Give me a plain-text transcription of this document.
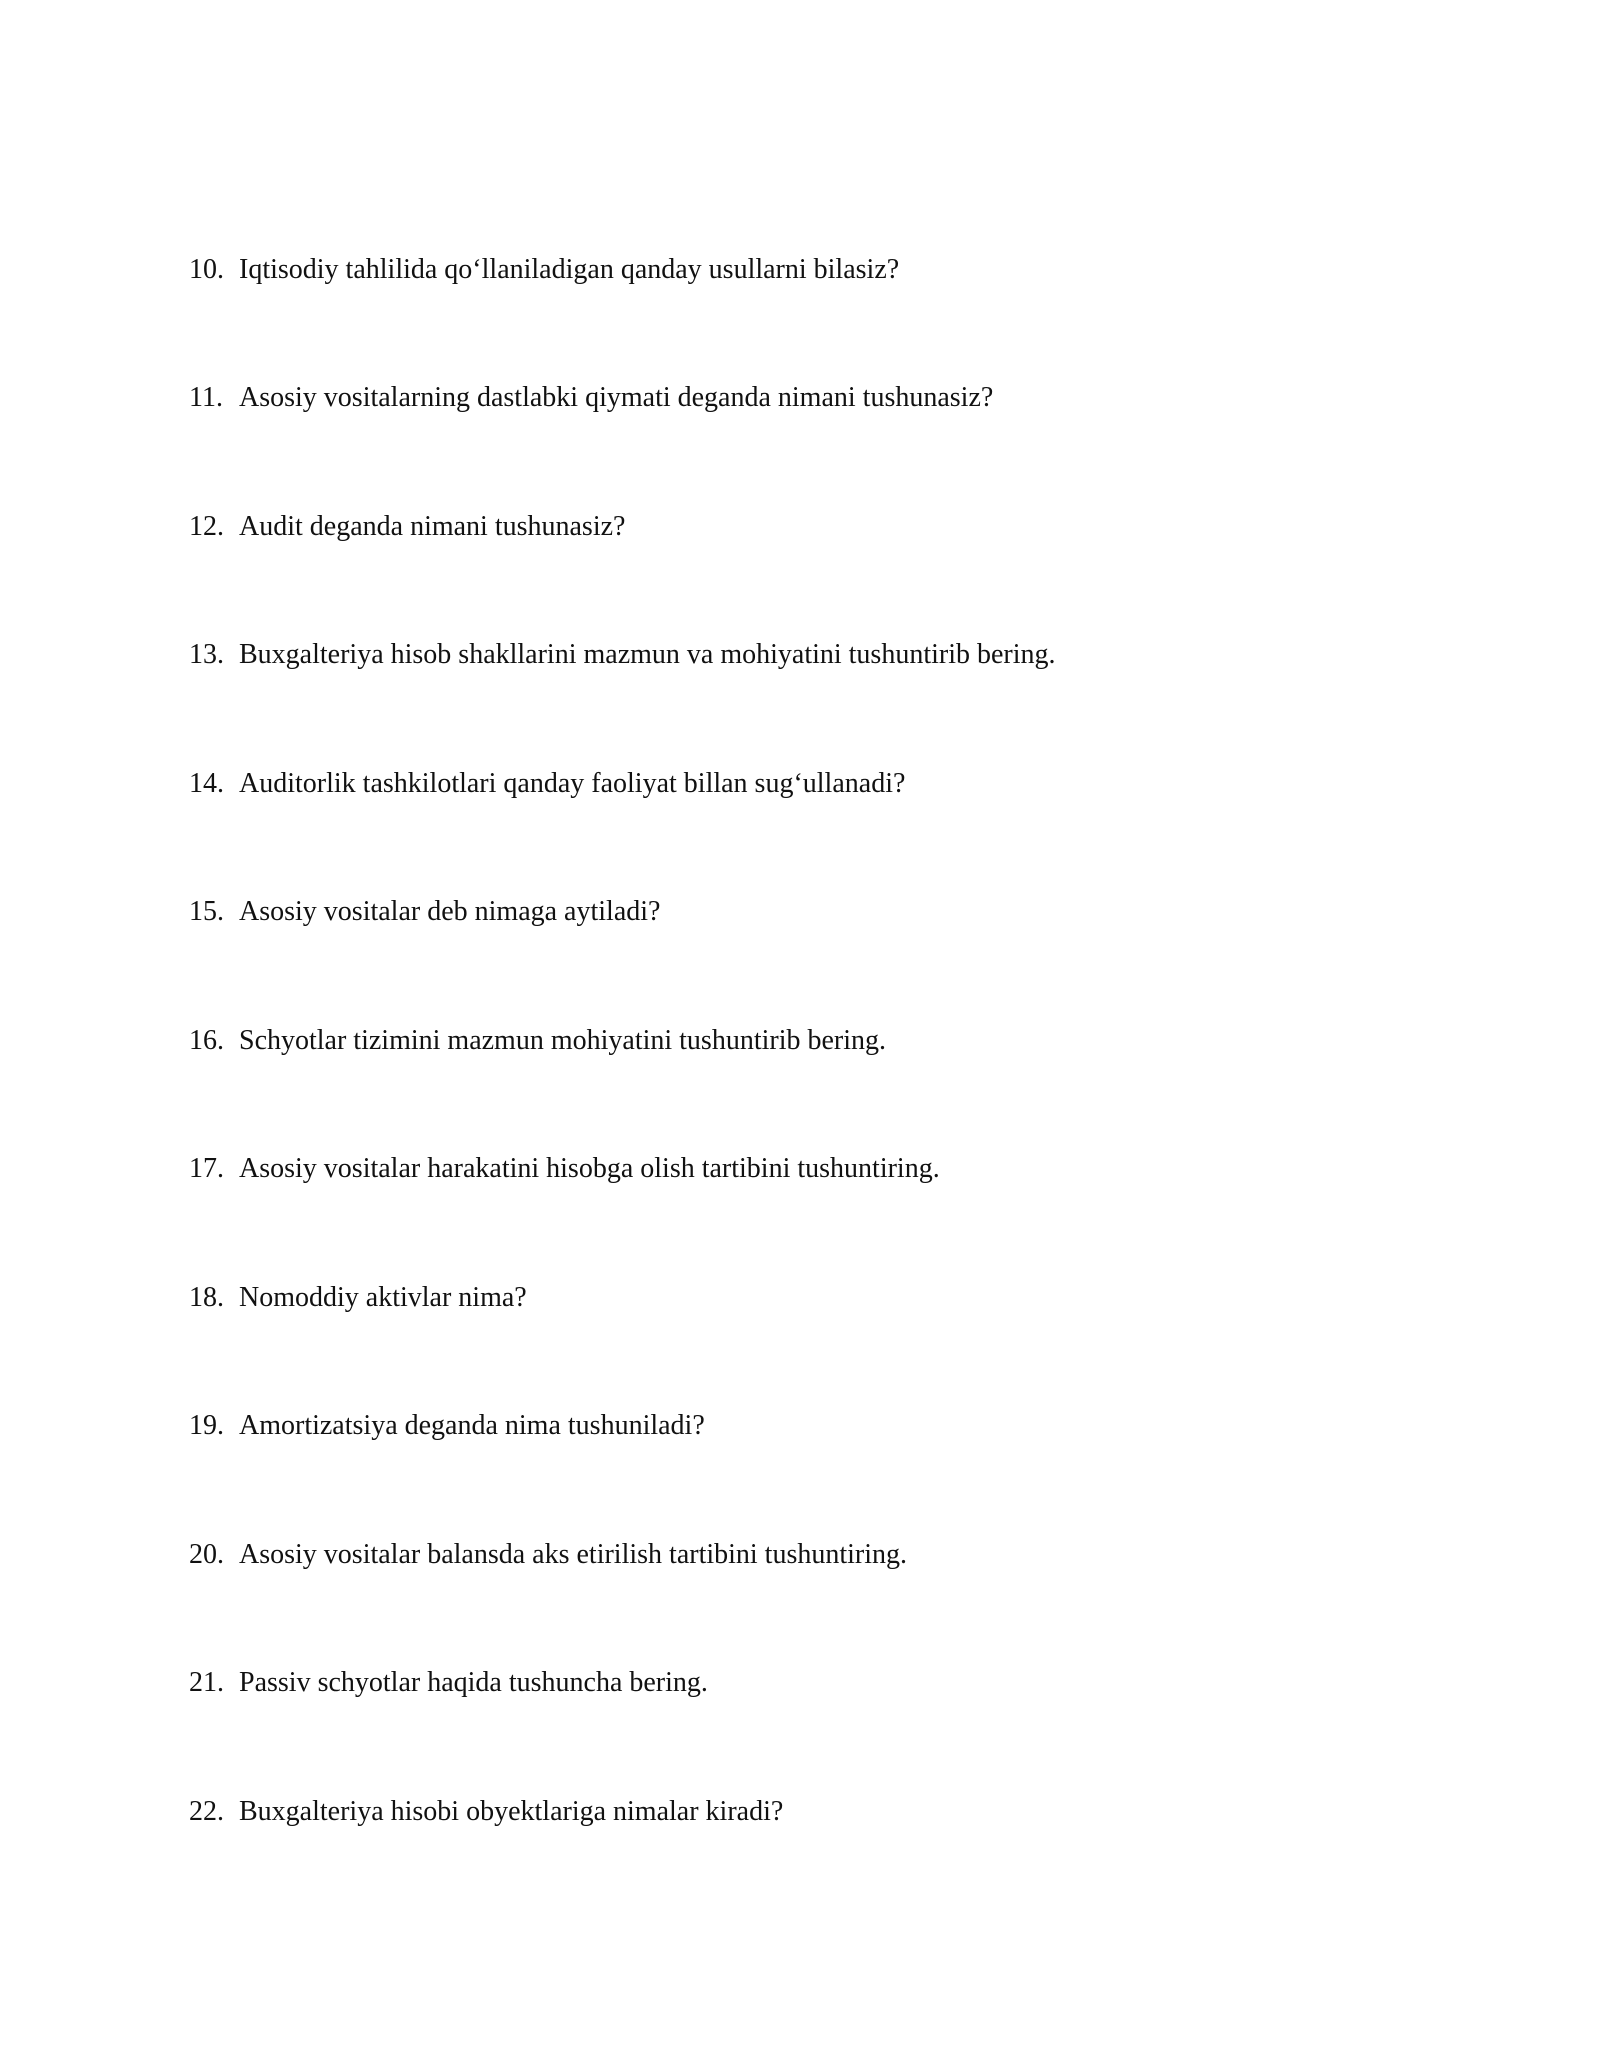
10. Iqtisodiy tahlilida qo‘llaniladigan qanday usullarni bilasiz?
11. Asosiy vositalarning dastlabki qiymati deganda nimani tushunasiz?
12. Audit deganda nimani tushunasiz?
13. Buxgalteriya hisob shakllarini mazmun va mohiyatini tushuntirib bering.
14. Auditorlik tashkilotlari qanday faoliyat billan sug‘ullanadi?
15. Asosiy vositalar deb nimaga aytiladi?
16. Schyotlar tizimini mazmun mohiyatini tushuntirib bering.
17. Asosiy vositalar harakatini hisobga olish tartibini tushuntiring.
18. Nomoddiy aktivlar nima?
19. Amortizatsiya deganda nima tushuniladi?
20. Asosiy vositalar balansda aks etirilish tartibini tushuntiring.
21. Passiv schyotlar haqida tushuncha bering.
22. Buxgalteriya hisobi obyektlariga nimalar kiradi?
